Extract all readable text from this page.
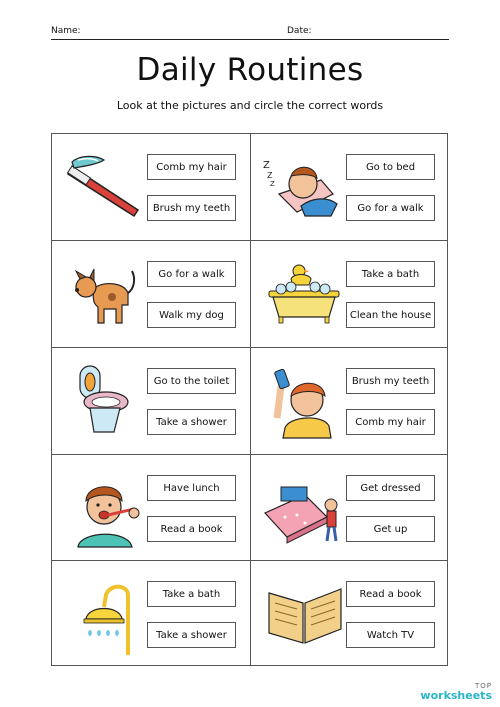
Name:	Date:
Daily Routines
Look at the pictures and circle the correct words
Comb my hair
Brush my teeth
Z
Z
Z
Go to bed
Go for a walk
Go for a walk
Walk my dog
Take a bath
Clean the house
Go to the toilet
Take a shower
Brush my teeth
Comb my hair
Have lunch
Read a book
Get dressed
Get up
Take a bath
Take a shower
Read a book
Watch TV
TOP
worksheets
